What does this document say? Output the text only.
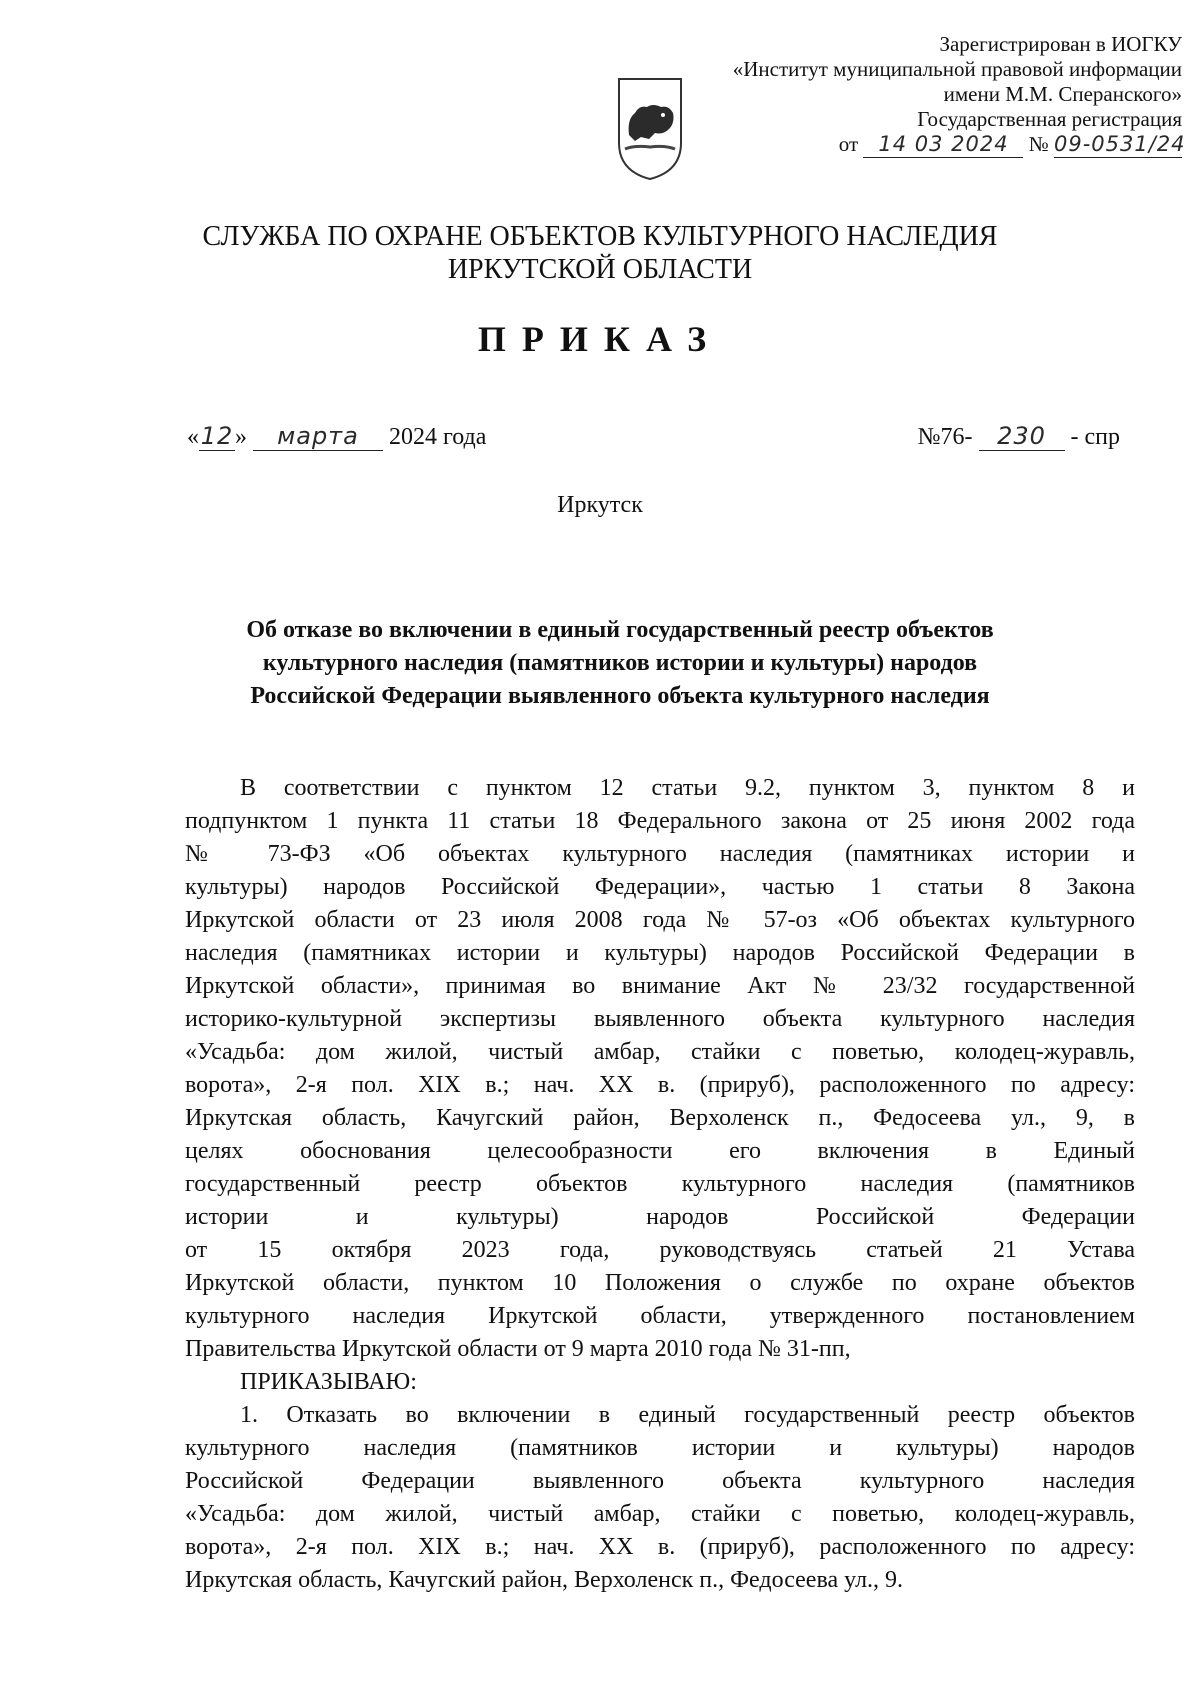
Зарегистрирован в ИОГКУ
«Институт муниципальной правовой информации
имени М.М. Сперанского»
Государственная регистрация
от 14 03 2024 № 09-0531/24
СЛУЖБА ПО ОХРАНЕ ОБЪЕКТОВ КУЛЬТУРНОГО НАСЛЕДИЯ
ИРКУТСКОЙ ОБЛАСТИ
ПРИКАЗ
«12» марта 2024 года	№76- 230 - спр
Иркутск
Об отказе во включении в единый государственный реестр объектов
культурного наследия (памятников истории и культуры) народов
Российской Федерации выявленного объекта культурного наследия
В соответствии с пунктом 12 статьи 9.2, пунктом 3, пунктом 8 и
подпунктом 1 пункта 11 статьи 18 Федерального закона от 25 июня 2002 года
№ 73-ФЗ «Об объектах культурного наследия (памятниках истории и
культуры) народов Российской Федерации», частью 1 статьи 8 Закона
Иркутской области от 23 июля 2008 года № 57-оз «Об объектах культурного
наследия (памятниках истории и культуры) народов Российской Федерации в
Иркутской области», принимая во внимание Акт № 23/32 государственной
историко-культурной экспертизы выявленного объекта культурного наследия
«Усадьба: дом жилой, чистый амбар, стайки с поветью, колодец-журавль,
ворота», 2-я пол. XIX в.; нач. XX в. (прируб), расположенного по адресу:
Иркутская область, Качугский район, Верхоленск п., Федосеева ул., 9, в
целях обоснования целесообразности его включения в Единый
государственный реестр объектов культурного наследия (памятников
истории и культуры) народов Российской Федерации
от 15 октября 2023 года, руководствуясь статьей 21 Устава
Иркутской области, пунктом 10 Положения о службе по охране объектов
культурного наследия Иркутской области, утвержденного постановлением
Правительства Иркутской области от 9 марта 2010 года № 31-пп,
ПРИКАЗЫВАЮ:
1. Отказать во включении в единый государственный реестр объектов
культурного наследия (памятников истории и культуры) народов
Российской Федерации выявленного объекта культурного наследия
«Усадьба: дом жилой, чистый амбар, стайки с поветью, колодец-журавль,
ворота», 2-я пол. XIX в.; нач. XX в. (прируб), расположенного по адресу:
Иркутская область, Качугский район, Верхоленск п., Федосеева ул., 9.
